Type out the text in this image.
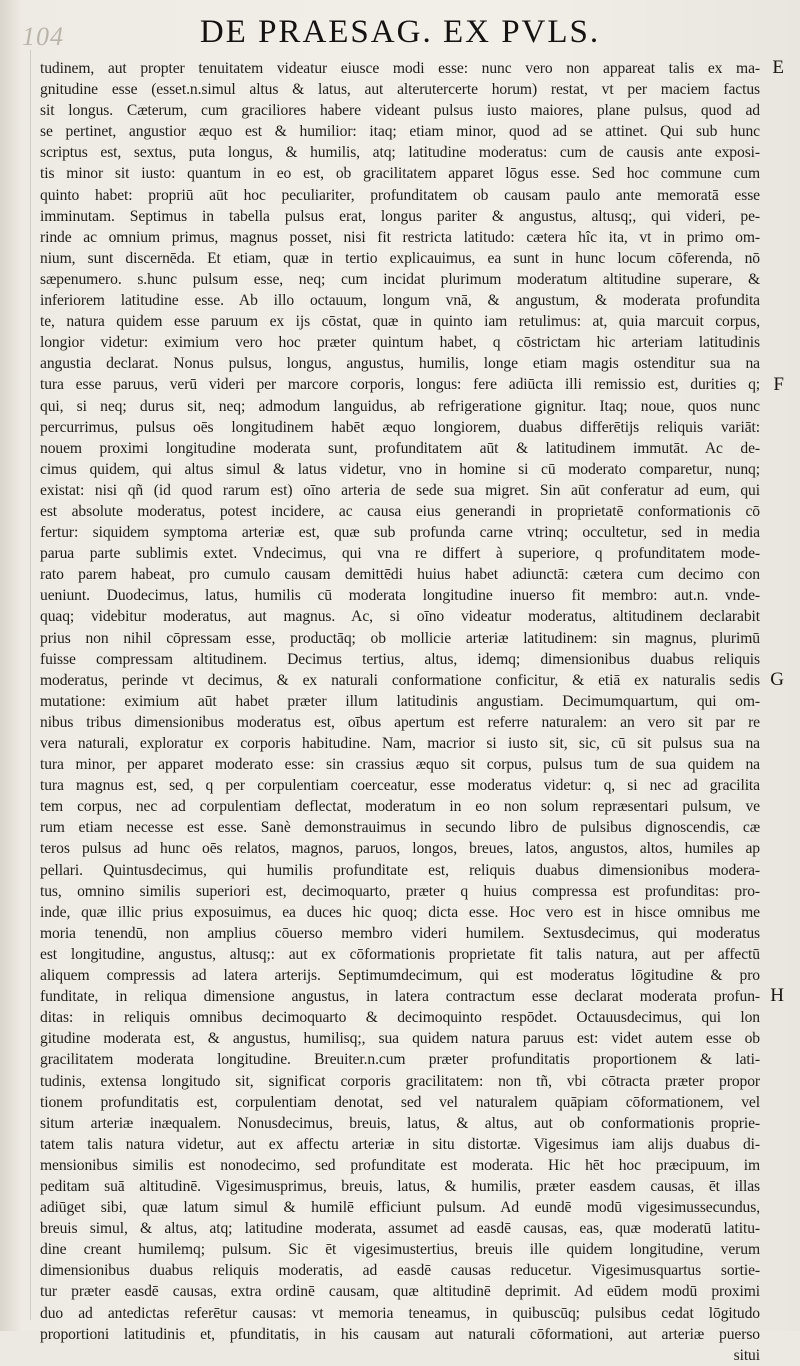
104	DE PRAESAG. EX PVLS.
tudinem, aut propter tenuitatem videatur eiusce modi esse: nunc vero non appareat talis ex ma-
gnitudine esse (esset.n.simul altus & latus, aut alterutercerte horum) restat, vt per maciem factus
sit longus. Cæterum, cum graciliores habere videant pulsus iusto maiores, plane pulsus, quod ad
se pertinet, angustior æquo est & humilior: itaq; etiam minor, quod ad se attinet. Qui sub hunc
scriptus est, sextus, puta longus, & humilis, atq; latitudine moderatus: cum de causis ante exposi-
tis minor sit iusto: quantum in eo est, ob gracilitatem apparet lōgus esse. Sed hoc commune cum
quinto habet: propriū aūt hoc peculiariter, profunditatem ob causam paulo ante memoratā esse
imminutam. Septimus in tabella pulsus erat, longus pariter & angustus, altusq;, qui videri, pe-
rinde ac omnium primus, magnus posset, nisi fit restricta latitudo: cætera hîc ita, vt in primo om-
nium, sunt discernēda. Et etiam, quæ in tertio explicauimus, ea sunt in hunc locum cōferenda, nō
sæpenumero. s.hunc pulsum esse, neq; cum incidat plurimum moderatum altitudine superare, &
inferiorem latitudine esse. Ab illo octauum, longum vnā, & angustum, & moderata profundita
te, natura quidem esse paruum ex ijs cōstat, quæ in quinto iam retulimus: at, quia marcuit corpus,
longior videtur: eximium vero hoc præter quintum habet, q cōstrictam hic arteriam latitudinis
angustia declarat. Nonus pulsus, longus, angustus, humilis, longe etiam magis ostenditur sua na
tura esse paruus, verū videri per marcore corporis, longus: fere adiūcta illi remissio est, durities q;
qui, si neq; durus sit, neq; admodum languidus, ab refrigeratione gignitur. Itaq; noue, quos nunc
percurrimus, pulsus oēs longitudinem habēt æquo longiorem, duabus differētijs reliquis variāt:
nouem proximi longitudine moderata sunt, profunditatem aūt & latitudinem immutāt. Ac de-
cimus quidem, qui altus simul & latus videtur, vno in homine si cū moderato comparetur, nunq;
existat: nisi qñ (id quod rarum est) oīno arteria de sede sua migret. Sin aūt conferatur ad eum, qui
est absolute moderatus, potest incidere, ac causa eius generandi in proprietatē conformationis cō
fertur: siquidem symptoma arteriæ est, quæ sub profunda carne vtrinq; occultetur, sed in media
parua parte sublimis extet. Vndecimus, qui vna re differt à superiore, q profunditatem mode-
rato parem habeat, pro cumulo causam demittēdi huius habet adiunctā: cætera cum decimo con
ueniunt. Duodecimus, latus, humilis cū moderata longitudine inuerso fit membro: aut.n. vnde-
quaq; videbitur moderatus, aut magnus. Ac, si oīno videatur moderatus, altitudinem declarabit
prius non nihil cōpressam esse, productāq; ob mollicie arteriæ latitudinem: sin magnus, plurimū
fuisse compressam altitudinem. Decimus tertius, altus, idemq; dimensionibus duabus reliquis
moderatus, perinde vt decimus, & ex naturali conformatione conficitur, & etiā ex naturalis sedis
mutatione: eximium aūt habet præter illum latitudinis angustiam. Decimumquartum, qui om-
nibus tribus dimensionibus moderatus est, oībus apertum est referre naturalem: an vero sit par re
vera naturali, exploratur ex corporis habitudine. Nam, macrior si iusto sit, sic, cū sit pulsus sua na
tura minor, per apparet moderato esse: sin crassius æquo sit corpus, pulsus tum de sua quidem na
tura magnus est, sed, q per corpulentiam coerceatur, esse moderatus videtur: q, si nec ad gracilita
tem corpus, nec ad corpulentiam deflectat, moderatum in eo non solum repræsentari pulsum, ve
rum etiam necesse est esse. Sanè demonstrauimus in secundo libro de pulsibus dignoscendis, cæ
teros pulsus ad hunc oēs relatos, magnos, paruos, longos, breues, latos, angustos, altos, humiles ap
pellari. Quintusdecimus, qui humilis profunditate est, reliquis duabus dimensionibus modera-
tus, omnino similis superiori est, decimoquarto, præter q huius compressa est profunditas: pro-
inde, quæ illic prius exposuimus, ea duces hic quoq; dicta esse. Hoc vero est in hisce omnibus me
moria tenendū, non amplius cōuerso membro videri humilem. Sextusdecimus, qui moderatus
est longitudine, angustus, altusq;: aut ex cōformationis proprietate fit talis natura, aut per affectū
aliquem compressis ad latera arterijs. Septimumdecimum, qui est moderatus lōgitudine & pro
funditate, in reliqua dimensione angustus, in latera contractum esse declarat moderata profun-
ditas: in reliquis omnibus decimoquarto & decimoquinto respōdet. Octauusdecimus, qui lon
gitudine moderata est, & angustus, humilisq;, sua quidem natura paruus est: videt autem esse ob
gracilitatem moderata longitudine. Breuiter.n.cum præter profunditatis proportionem & lati-
tudinis, extensa longitudo sit, significat corporis gracilitatem: non tñ, vbi cōtracta præter propor
tionem profunditatis est, corpulentiam denotat, sed vel naturalem quāpiam cōformationem, vel
situm arteriæ inæqualem. Nonusdecimus, breuis, latus, & altus, aut ob conformationis proprie-
tatem talis natura videtur, aut ex affectu arteriæ in situ distortæ. Vigesimus iam alijs duabus di-
mensionibus similis est nonodecimo, sed profunditate est moderata. Hic hēt hoc præcipuum, im
peditam suā altitudinē. Vigesimusprimus, breuis, latus, & humilis, præter easdem causas, ēt illas
adiūget sibi, quæ latum simul & humilē efficiunt pulsum. Ad eundē modū vigesimussecundus,
breuis simul, & altus, atq; latitudine moderata, assumet ad easdē causas, eas, quæ moderatū latitu-
dine creant humilemq; pulsum. Sic ēt vigesimustertius, breuis ille quidem longitudine, verum
dimensionibus duabus reliquis moderatis, ad easdē causas reducetur. Vigesimusquartus sortie-
tur præter easdē causas, extra ordinē causam, quæ altitudinē deprimit. Ad eūdem modū proximi
duo ad antedictas referētur causas: vt memoria teneamus, in quibuscūq; pulsibus cedat lōgitudo
proportioni latitudinis et, pfunditatis, in his causam aut naturali cōformationi, aut arteriæ puerso
situi
E
F
G
H
